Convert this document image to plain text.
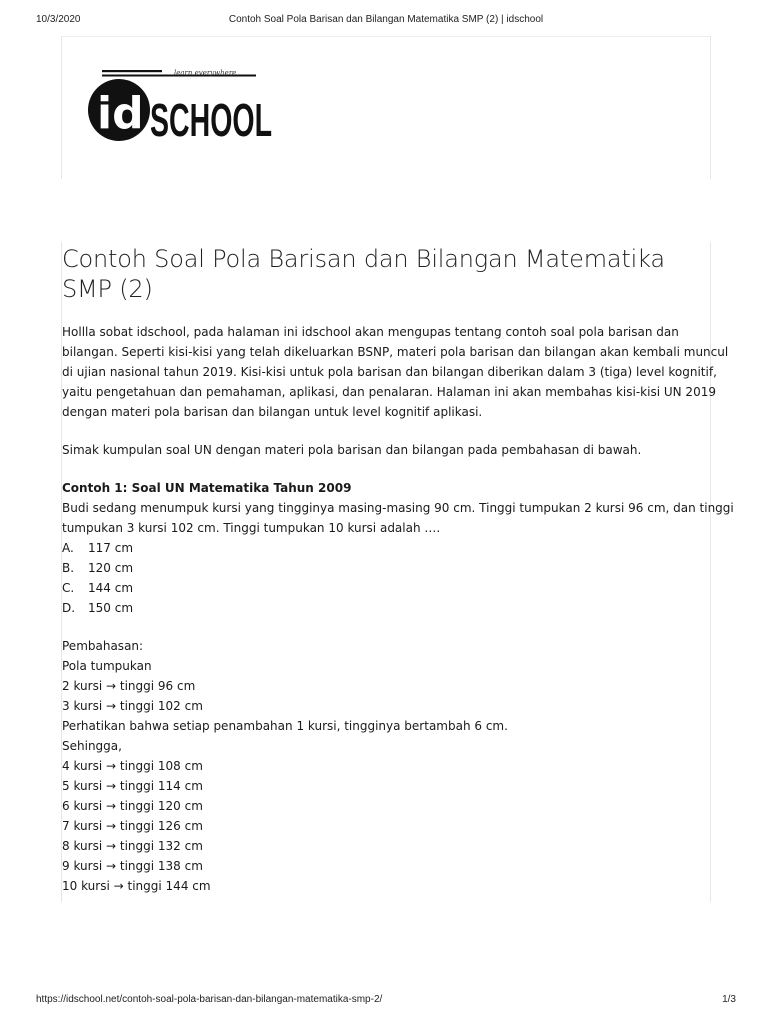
10/3/2020	Contoh Soal Pola Barisan dan Bilangan Matematika SMP (2) | idschool
learn everywhere
id SCHOOL
Contoh Soal Pola Barisan dan Bilangan Matematika SMP (2)
Hollla sobat idschool, pada halaman ini idschool akan mengupas tentang contoh soal pola barisan dan
bilangan. Seperti kisi-kisi yang telah dikeluarkan BSNP, materi pola barisan dan bilangan akan kembali muncul
di ujian nasional tahun 2019. Kisi-kisi untuk pola barisan dan bilangan diberikan dalam 3 (tiga) level kognitif,
yaitu pengetahuan dan pemahaman, aplikasi, dan penalaran. Halaman ini akan membahas kisi-kisi UN 2019
dengan materi pola barisan dan bilangan untuk level kognitif aplikasi.
Simak kumpulan soal UN dengan materi pola barisan dan bilangan pada pembahasan di bawah.
Contoh 1: Soal UN Matematika Tahun 2009
Budi sedang menumpuk kursi yang tingginya masing-masing 90 cm. Tinggi tumpukan 2 kursi 96 cm, dan tinggi
tumpukan 3 kursi 102 cm. Tinggi tumpukan 10 kursi adalah ….
A. 117 cm
B. 120 cm
C. 144 cm
D. 150 cm
Pembahasan:
Pola tumpukan
2 kursi → tinggi 96 cm
3 kursi → tinggi 102 cm
Perhatikan bahwa setiap penambahan 1 kursi, tingginya bertambah 6 cm.
Sehingga,
4 kursi → tinggi 108 cm
5 kursi → tinggi 114 cm
6 kursi → tinggi 120 cm
7 kursi → tinggi 126 cm
8 kursi → tinggi 132 cm
9 kursi → tinggi 138 cm
10 kursi → tinggi 144 cm
https://idschool.net/contoh-soal-pola-barisan-dan-bilangan-matematika-smp-2/	1/3
